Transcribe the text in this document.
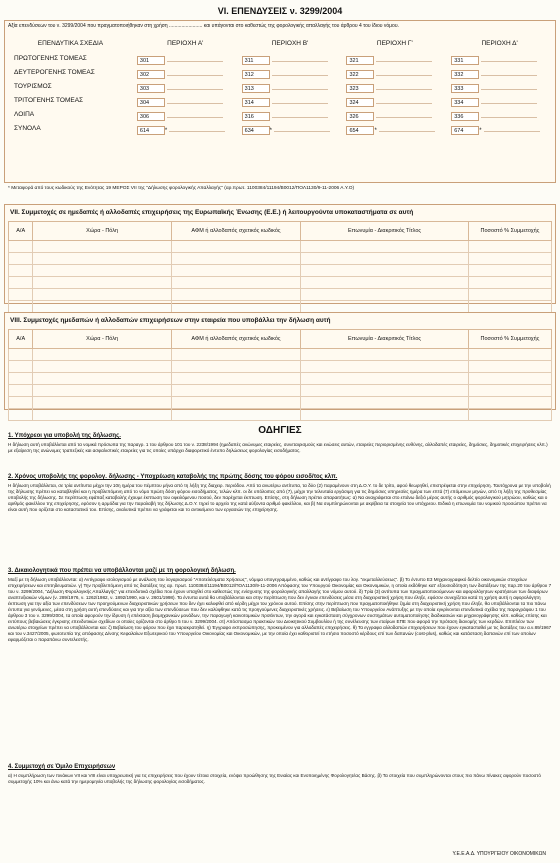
VI. ΕΠΕΝΔΥΣΕΙΣ ν. 3299/2004
Αξία επενδύσεων του ν. 3299/2004 που πραγματοποιήθηκαν στη χρήση ........................ και υπάγονται στο καθεστώς της φορολογικής απαλλαγής του άρθρου 4 του ίδιου νόμου.
ΕΠΕΝΔΥΤΙΚΑ ΣΧΕΔΙΑ	ΠΕΡΙΟΧΗ Α'	ΠΕΡΙΟΧΗ Β'	ΠΕΡΙΟΧΗ Γ'	ΠΕΡΙΟΧΗ Δ'
ΠΡΩΤΟΓΕΝΗΣ ΤΟΜΕΑΣ	301	311	321	331
ΔΕΥΤΕΡΟΓΕΝΗΣ ΤΟΜΕΑΣ	302	312	322	332
ΤΟΥΡΙΣΜΟΣ	303	313	323	333
ΤΡΙΤΟΓΕΝΗΣ ΤΟΜΕΑΣ	304	314	324	334
ΛΟΙΠΑ	306	316	326	336
ΣΥΝΟΛΑ	614 *	634 *	654 *	674 *
* Μεταφορά από τους κωδικούς της Ενότητας 19 ΜΕΡΟΣ VII της "Δήλωσης φορολογικής Απαλλαγής" (αρ.πρωτ. 1100384/11194/Β0012/ΠΟΛ1130/9-11-2006 Α.Υ.Ο)
VII. Συμμετοχές σε ημεδαπές ή αλλοδαπές επιχειρήσεις της Ευρωπαϊκής Ένωσης (Ε.Ε.) ή λειτουργούντα υποκαταστήματα σε αυτή
Α/Α	Χώρα - Πόλη	ΑΦΜ ή αλλοδαπός σχετικός κωδικός	Επωνυμία - Διακριτικός Τίτλος	Ποσοστό % Συμμετοχής

VIII. Συμμετοχές ημεδαπών ή αλλοδαπών επιχειρήσεων στην εταιρεία που υποβάλλει την δήλωση αυτή
Α/Α	Χώρα - Πόλη	ΑΦΜ ή αλλοδαπός σχετικός κωδικός	Επωνυμία - Διακριτικός Τίτλος	Ποσοστό % Συμμετοχής

ΟΔΗΓΙΕΣ
1. Υπόχρεοι για υποβολή της δήλωσης.
Η δήλωση αυτή υποβάλλεται από τα νομικά πρόσωπα της παραγρ. 1 του άρθρου 101 του ν. 2238/1994 (ημεδαπές ανώνυμες εταιρείες, συνεταιρισμούς και ενώσεις αυτών, εταιρείες περιορισμένης ευθύνης, αλλοδαπές εταιρείες, δημόσιες, δημοτικές επιχειρήσεις κλπ.) με εξαίρεση της ανώνυμες τραπεζικές και ασφαλιστικές εταιρείες για τις οποίες υπάρχει διαφορετικό έντυπο δηλώσεως φορολογίας εισοδήματος.
2. Χρόνος υποβολής της φορολογ. δήλωσης - Υποχρέωση καταβολής της πρώτης δόσης του φόρου εισοδ/τος κλπ.
Η δήλωση υποβάλλεται, σε τρία αντίτυπα μέχρι την 10η ημέρα του πέμπτου μήνα από τη λήξη της διαχειρ. περιόδου. Από τα ανωτέρω αντίτυπα, τα δύο (2) παραμένουν στη Δ.Ο.Υ. το δε τρίτο, αφού θεωρηθεί, επιστρέφεται στην επιχείρηση. Ταυτόχρονα με την υποβολή της δήλωσης πρέπει να καταβληθεί και η προβλεπόμενη από το νόμο πρώτη δόση φόρου εισοδήματος, τελών κλπ. οι δε υπόλοιπες από (7), μέχρι την τελευταία εργάσιμη για τις δημόσιες υπηρεσίες ημέρα των επτά (7) επόμενων μηνών, από τη λήξη της προθεσμίας υποβολής της δήλωσης. Σε περίπτωση εφάπαξ καταβολής έχουμε έκπτωση του οφειλόμενου ποσού, δεν παρέχεται έκπτωση. Επίσης, στη δήλωση πρέπει απαραιτήτως: α) Να αναγράφεται στο επάνω δεξιό μέρος αυτής ο αριθμός φορολογικού μητρώου, καθώς και ο αριθμός φακέλλου της επιχείρησης, εφόσον η αρμόδια για την παραλαβή της δήλωσης Δ.Ο.Υ. τηρεί το αρχείο της κατά αύξοντα αριθμό φακέλλου, και β) Να συμπληρώνονται με ακρίβεια τα στοιχεία του υπόχρεου. Ειδικά η επωνυμία του νομικού προσώπου πρέπει να είναι αυτή που ορίζεται στο καταστατικό του. Επίσης, αναλυτικά πρέπει να γράφεται και το αντικείμενο των εργασιών της επιχείρησης.
3. Δικαιολογητικά που πρέπει να υποβάλλονται μαζί με τη φορολογική δήλωση.
Μαζί με τη δήλωση υποβάλλονται: α) Αντίγραφο ισολογισμού με ανάλυση του λογαριασμού "Αποτελέσματα Χρήσεως", νόμιμα υπογεγραμμένο, καθώς και αντίγραφο του λογ. "εκμεταλλεύσεως". β) Το έντυπο Ε3 Μηχανογραφικό δελτίο οικονομικών στοιχείων επιχειρήσεων και επιτηδευματιών. γ) Την προβλεπόμενη από τις διατάξεις της αρ. πρωτ. 1100384/11194/Β0012/ΠΟΛ1130/9-11-2006 Απόφασης του Υπουργού Οικονομίας και Οικονομικών, η οποία εκδόθηκε κατ' εξουσιοδότηση των διατάξεων της παρ.20 του άρθρου 7 του ν. 3299/2004, "Δήλωση Φορολογικής Απαλλαγής" για επενδυτικά σχέδια που έχουν υπαχθεί στο καθεστώς της ενίσχυσης της φορολογικής απαλλαγής του νόμου αυτού. δ) Τρία (3) αντίτυπα των πραγματοποιούμενων και αφορολόγητων κρατήσεων των διαφόρων αναπτυξιακών νόμων (ν. 289/1976, ν. 1262/1982, ν. 1892/1990, και ν. 2601/1998). Τα έντυπα αυτά θα υποβάλλονται και στην περίπτωση που δεν έγιναν επενδύσεις μέσα στη διαχειριστική χρήση που έληξε, εφόσον συνεχίζεται κατά τη χρήση αυτή η αφορολόγητη έκπτωση για την αξία των επενδύσεων των προηγούμενων διαχειριστικών χρήσεων που δεν έχει καλυφθεί από κέρδη μέχρι του χρόνου αυτού. Επίσης στην περίπτωση που πραγματοποιήθηκε ζημία στη διαχειριστική χρήση που έληξε, θα υποβάλλονται τα πιο πάνω έντυπα για γενόμενες, μέσα στη χρήση αυτή επενδύσεις και για την αξία των επενδύσεων που δεν καλύφθηκε κατά τις προηγούμενες διαχειριστικές χρήσεις. ε) Βεβαίωση του Υπουργείου Ανάπτυξης με την οποία εγκρίνονται επενδυτικά σχέδια της παραγράφου 1 του άρθρου 3 του ν. 3299/2004, τα οποία αφορούν την ίδρυση ή επέκταση βιομηχανικών μονάδων, την παραγωγή καινοτομικών προϊόντων, την αγορά και εγκατάσταση σύγχρονων συστημάτων αυτοματοποίησης διαδικασιών και μηχανογράφησης κλπ. καθώς επίσης και εντύπους βεβαιώσεις έγκρισης επενδυτικών σχεδίων οι οποίες ορίζονται στο άρθρο 5 του ν. 3299/2004. στ) Απόσπασμα πρακτικών του Διοικητικού Συμβουλίου ή της συνέλευσης των εταίρων ΕΠΕ που αφορά την πρόταση διανομής των κερδών. Επιπλέον των ανωτέρω στοιχείων πρέπει να υποβάλλονται και: ζ) Βεβαίωση του φόρου που έχει παρακρατηθεί. η) Έγγραφο εκπροσώπησης, προκειμένου για αλλοδαπές επιχειρήσεις. θ) Τα εγγραφα αλλοδαπών επιχειρήσεων που έχουν εγκατασταθεί με τις διατάξεις του α.ν.89/1967 και του ν.3427/2005, φωτοτυπία της απόφασης Δ/νσης Κεφαλαίων Εξωτερικού του Υπουργείου Οικονομίας και Οικονομικών, με την οποία έχει καθοριστεί το ετήσιο ποσοστό κέρδους επί των δαπανών (cost-plus), καθώς και κατάσταση δαπανών επί των οποίων εφαρμόζεται ο παραπάνω συντελεστής.
4. Συμμετοχή σε Όμιλο Επιχειρήσεων
α) Η συμπλήρωση των πινάκων VII και VIII είναι υποχρεωτική για τις επιχειρήσεις που έχουν τέτοια στοιχεία, ενόψει προώθησης της Ενιαίας και Ενοποιημένης Φορολογητέας Βάσης. β) Τα στοιχεία που συμπληρώνονται στους πιο πάνω πίνακες αφορούν ποσοστό συμμετοχής 10% και άνω κατά την ημερομηνία υποβολής της δήλωσης φορολογίας εισοδήματος.
Υ.Ε.Ε.Α.Δ. ΥΠΟΥΡΓΕΙΟΥ ΟΙΚΟΝΟΜΙΚΩΝ
